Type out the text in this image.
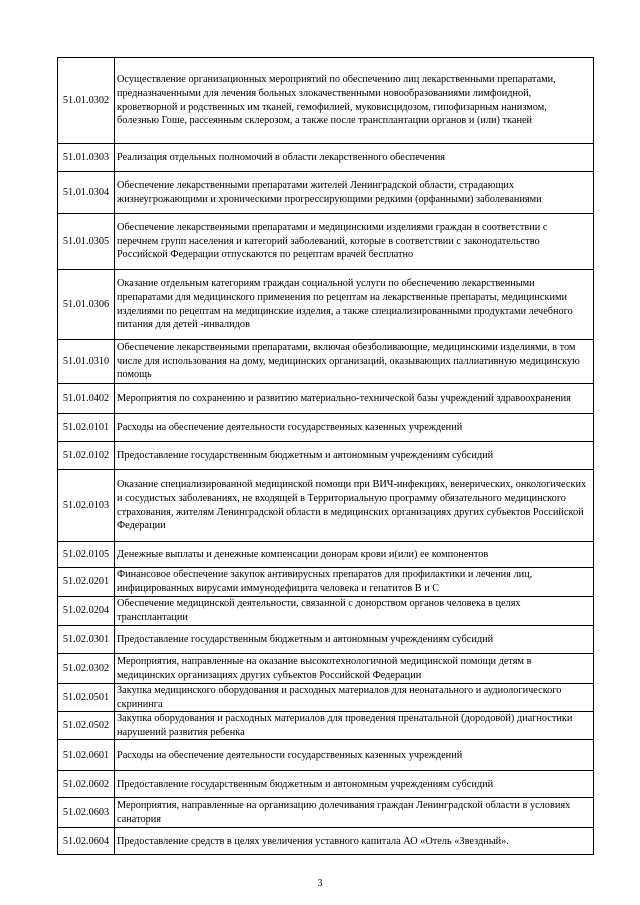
51.01.0302	Осуществление организационных мероприятий по обеспечению лиц лекарственными препаратами, предназначенными для лечения больных злокачественными новообразованиями лимфоидной, кроветворной и родственных им тканей, гемофилией, муковисцидозом, гипофизарным нанизмом, болезнью Гоше, рассеянным склерозом, а также после трансплантации органов и (или) тканей
51.01.0303	Реализация отдельных полномочий в области лекарственного обеспечения
51.01.0304	Обеспечение лекарственными препаратами жителей Ленинградской области, страдающих жизнеугрожающими и хроническими прогрессирующими редкими (орфанными) заболеваниями
51.01.0305	Обеспечение лекарственными препаратами и медицинскими изделиями граждан в соответствии с перечнем групп населения и категорий заболеваний, которые в соответствии с законодательство Российской Федерации отпускаются по рецептам врачей бесплатно
51.01.0306	Оказание отдельным категориям граждан социальной услуги по обеспечению лекарственными препаратами для медицинского применения по рецептам на лекарственные препараты, медицинскими изделиями по рецептам на медицинские изделия, а также специализированными продуктами лечебного питания для детей -инвалидов
51.01.0310	Обеспечение лекарственными препаратами, включая обезболивающие, медицинскими изделиями, в том числе для использования на дому, медицинских организаций, оказывающих паллиативную медицинскую помощь
51.01.0402	Мероприятия по сохранению и развитию материально-технической базы учреждений здравоохранения
51.02.0101	Расходы на обеспечение деятельности государственных казенных учреждений
51.02.0102	Предоставление государственным бюджетным и автономным учреждениям субсидий
51.02.0103	Оказание специализированной медицинской помощи при ВИЧ-инфекциях, венерических, онкологических и сосудистых заболеваниях, не входящей в Территориальную программу обязательного медицинского страхования, жителям Ленинградской области в медицинских организациях других субъектов Российской Федерации
51.02.0105	Денежные выплаты и денежные компенсации донорам крови и(или) ее компонентов
51.02.0201	Финансовое обеспечение закупок антивирусных препаратов для профилактики и лечения лиц, инфицированных вирусами иммунодефицита человека и гепатитов В и С
51.02.0204	Обеспечение медицинской деятельности, связанной с донорством органов человека в целях трансплантации
51.02.0301	Предоставление государственным бюджетным и автономным учреждениям субсидий
51.02.0302	Мероприятия, направленные на оказание высокотехнологичной медицинской помощи детям в медицинских организациях других субъектов Российской Федерации
51.02.0501	Закупка медицинского оборудования и расходных материалов для неонатального и аудиологического скрининга
51.02.0502	Закупка оборудования и расходных материалов для проведения пренатальной (дородовой) диагностики нарушений развития ребенка
51.02.0601	Расходы на обеспечение деятельности государственных казенных учреждений
51.02.0602	Предоставление государственным бюджетным и автономным учреждениям субсидий
51.02.0603	Мероприятия, направленные на организацию долечивания граждан Ленинградской области в условиях санатория
51.02.0604	Предоставление средств в целях увеличения уставного капитала АО «Отель «Звездный».
3
